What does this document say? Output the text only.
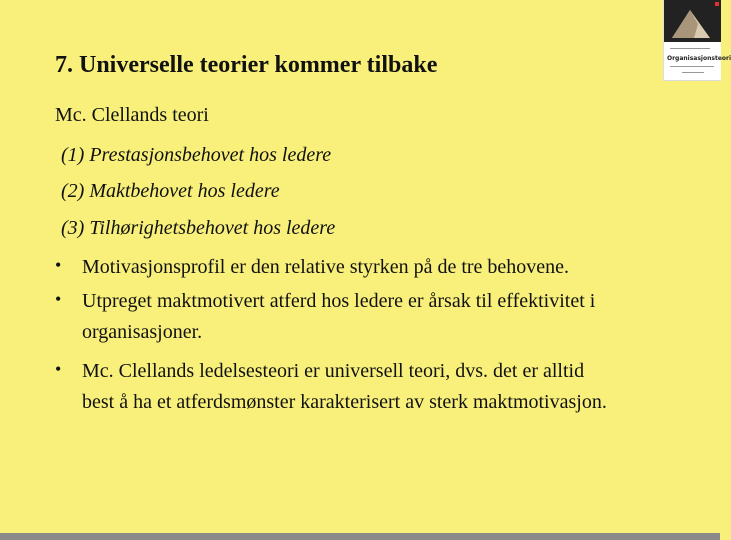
7. Universelle teorier kommer tilbake
Mc. Clellands teori
(1) Prestasjonsbehovet hos ledere
(2) Maktbehovet hos ledere
(3) Tilhørighetsbehovet hos ledere
• Motivasjonsprofil er den relative styrken på de tre behovene.
• Utpreget maktmotivert atferd hos ledere er årsak til effektivitet i
organisasjoner.
• Mc. Clellands ledelsesteori er universell teori, dvs. det er alltid
best å ha et atferdsmønster karakterisert av sterk maktmotivasjon.
Organisasjonsteori
